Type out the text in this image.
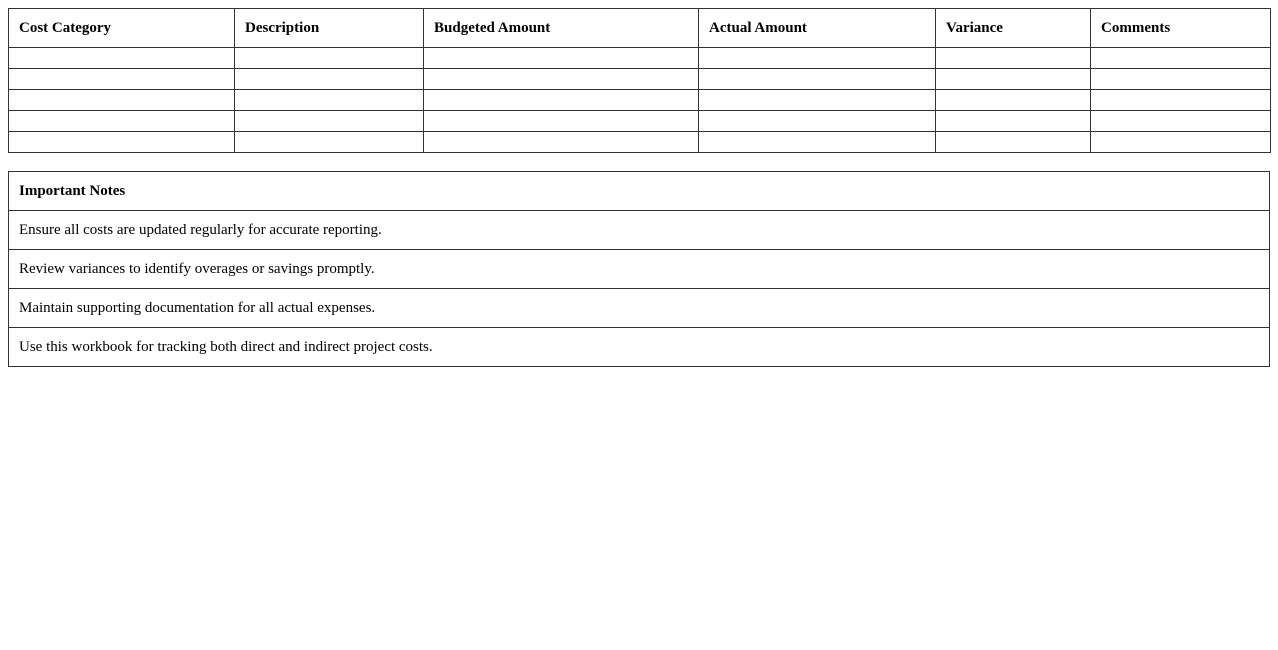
Cost Category	Description	Budgeted Amount	Actual Amount	Variance	Comments

Important Notes
Ensure all costs are updated regularly for accurate reporting.
Review variances to identify overages or savings promptly.
Maintain supporting documentation for all actual expenses.
Use this workbook for tracking both direct and indirect project costs.
